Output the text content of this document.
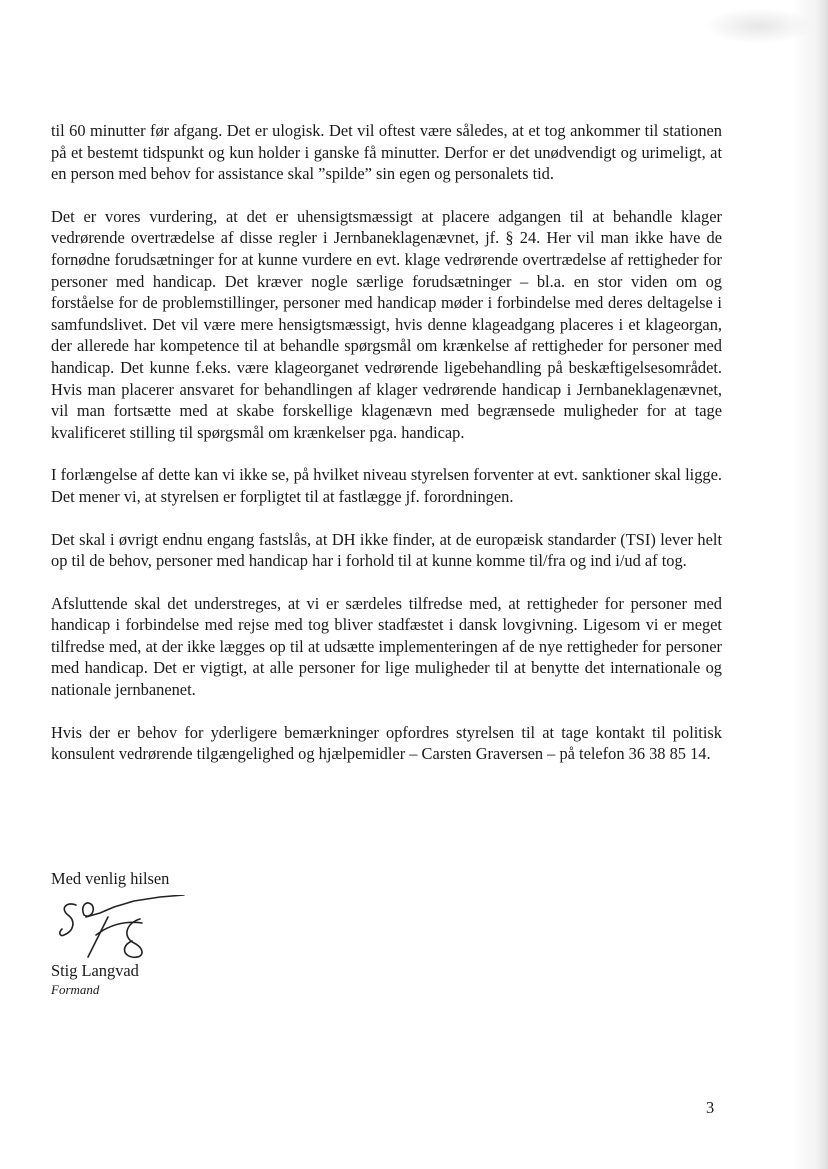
til 60 minutter før afgang. Det er ulogisk. Det vil oftest være således, at et tog ankommer til stationen på et bestemt tidspunkt og kun holder i ganske få minutter. Derfor er det unødvendigt og urimeligt, at en person med behov for assistance skal ”spilde” sin egen og personalets tid.

Det er vores vurdering, at det er uhensigtsmæssigt at placere adgangen til at behandle klager vedrørende overtrædelse af disse regler i Jernbaneklagenævnet, jf. § 24. Her vil man ikke have de fornødne forudsætninger for at kunne vurdere en evt. klage vedrørende overtrædelse af rettigheder for personer med handicap. Det kræver nogle særlige forudsætninger – bl.a. en stor viden om og forståelse for de problemstillinger, personer med handicap møder i forbindelse med deres deltagelse i samfundslivet. Det vil være mere hensigtsmæssigt, hvis denne klageadgang placeres i et klageorgan, der allerede har kompetence til at behandle spørgsmål om krænkelse af rettigheder for personer med handicap. Det kunne f.eks. være klageorganet vedrørende ligebehandling på beskæftigelsesområdet. Hvis man placerer ansvaret for behandlingen af klager vedrørende handicap i Jernbaneklagenævnet, vil man fortsætte med at skabe forskellige klagenævn med begrænsede muligheder for at tage kvalificeret stilling til spørgsmål om krænkelser pga. handicap.

I forlængelse af dette kan vi ikke se, på hvilket niveau styrelsen forventer at evt. sanktioner skal ligge. Det mener vi, at styrelsen er forpligtet til at fastlægge jf. forordningen.

Det skal i øvrigt endnu engang fastslås, at DH ikke finder, at de europæisk standarder (TSI) lever helt op til de behov, personer med handicap har i forhold til at kunne komme til/fra og ind i/ud af tog.

Afsluttende skal det understreges, at vi er særdeles tilfredse med, at rettigheder for personer med handicap i forbindelse med rejse med tog bliver stadfæstet i dansk lovgivning. Ligesom vi er meget tilfredse med, at der ikke lægges op til at udsætte implementeringen af de nye rettigheder for personer med handicap. Det er vigtigt, at alle personer for lige muligheder til at benytte det internationale og nationale jernbanenet.

Hvis der er behov for yderligere bemærkninger opfordres styrelsen til at tage kontakt til politisk konsulent vedrørende tilgængelighed og hjælpemidler – Carsten Graversen – på telefon 36 38 85 14.

Med venlig hilsen
Stig Langvad
Formand
3
